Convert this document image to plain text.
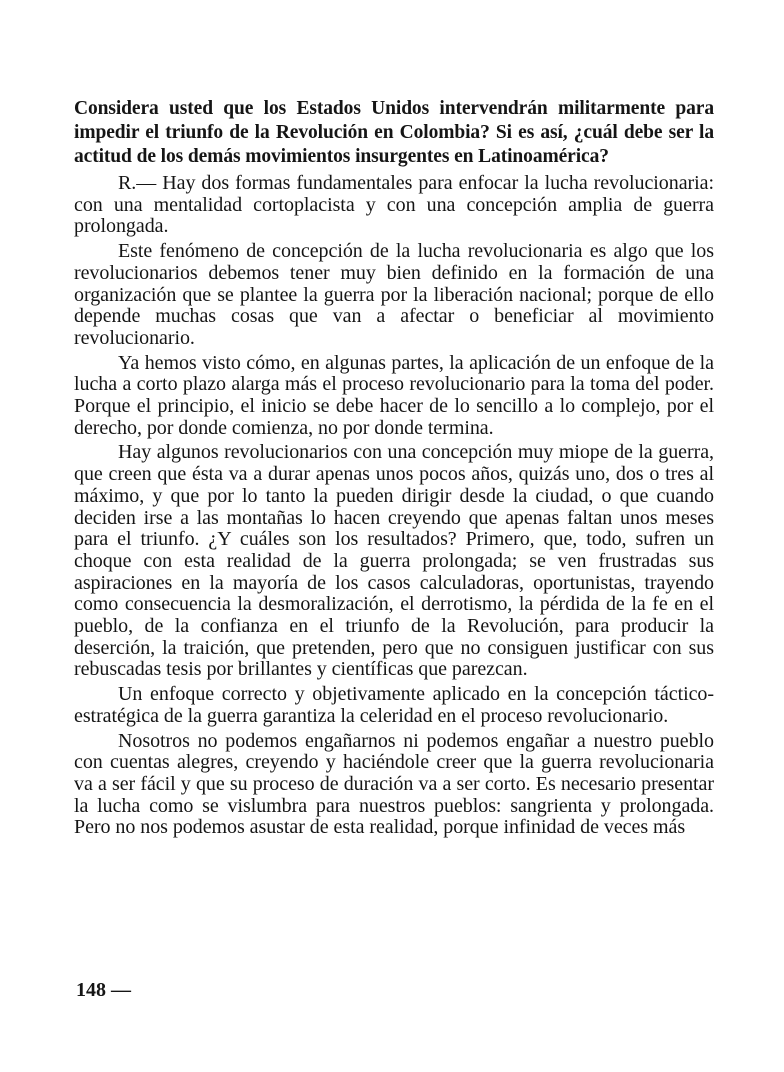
Considera usted que los Estados Unidos intervendrán militarmente para impedir el triunfo de la Revolución en Colombia? Si es así, ¿cuál debe ser la actitud de los demás movimientos insurgentes en Latinoamérica?

R.— Hay dos formas fundamentales para enfocar la lucha revolucionaria: con una mentalidad cortoplacista y con una concepción amplia de guerra prolongada.

Este fenómeno de concepción de la lucha revolucionaria es algo que los revolucionarios debemos tener muy bien definido en la formación de una organización que se plantee la guerra por la liberación nacional; porque de ello depende muchas cosas que van a afectar o beneficiar al movimiento revolucionario.

Ya hemos visto cómo, en algunas partes, la aplicación de un enfoque de la lucha a corto plazo alarga más el proceso revolucionario para la toma del poder. Porque el principio, el inicio se debe hacer de lo sencillo a lo complejo, por el derecho, por donde comienza, no por donde termina.

Hay algunos revolucionarios con una concepción muy miope de la guerra, que creen que ésta va a durar apenas unos pocos años, quizás uno, dos o tres al máximo, y que por lo tanto la pueden dirigir desde la ciudad, o que cuando deciden irse a las montañas lo hacen creyendo que apenas faltan unos meses para el triunfo. ¿Y cuáles son los resultados? Primero, que, todo, sufren un choque con esta realidad de la guerra prolongada; se ven frustradas sus aspiraciones en la mayoría de los casos calculadoras, oportunistas, trayendo como consecuencia la desmoralización, el derrotismo, la pérdida de la fe en el pueblo, de la confianza en el triunfo de la Revolución, para producir la deserción, la traición, que pretenden, pero que no consiguen justificar con sus rebuscadas tesis por brillantes y científicas que parezcan.

Un enfoque correcto y objetivamente aplicado en la concepción táctico-estratégica de la guerra garantiza la celeridad en el proceso revolucionario.

Nosotros no podemos engañarnos ni podemos engañar a nuestro pueblo con cuentas alegres, creyendo y haciéndole creer que la guerra revolucionaria va a ser fácil y que su proceso de duración va a ser corto. Es necesario presentar la lucha como se vislumbra para nuestros pueblos: sangrienta y prolongada. Pero no nos podemos asustar de esta realidad, porque infinidad de veces más

148 —
